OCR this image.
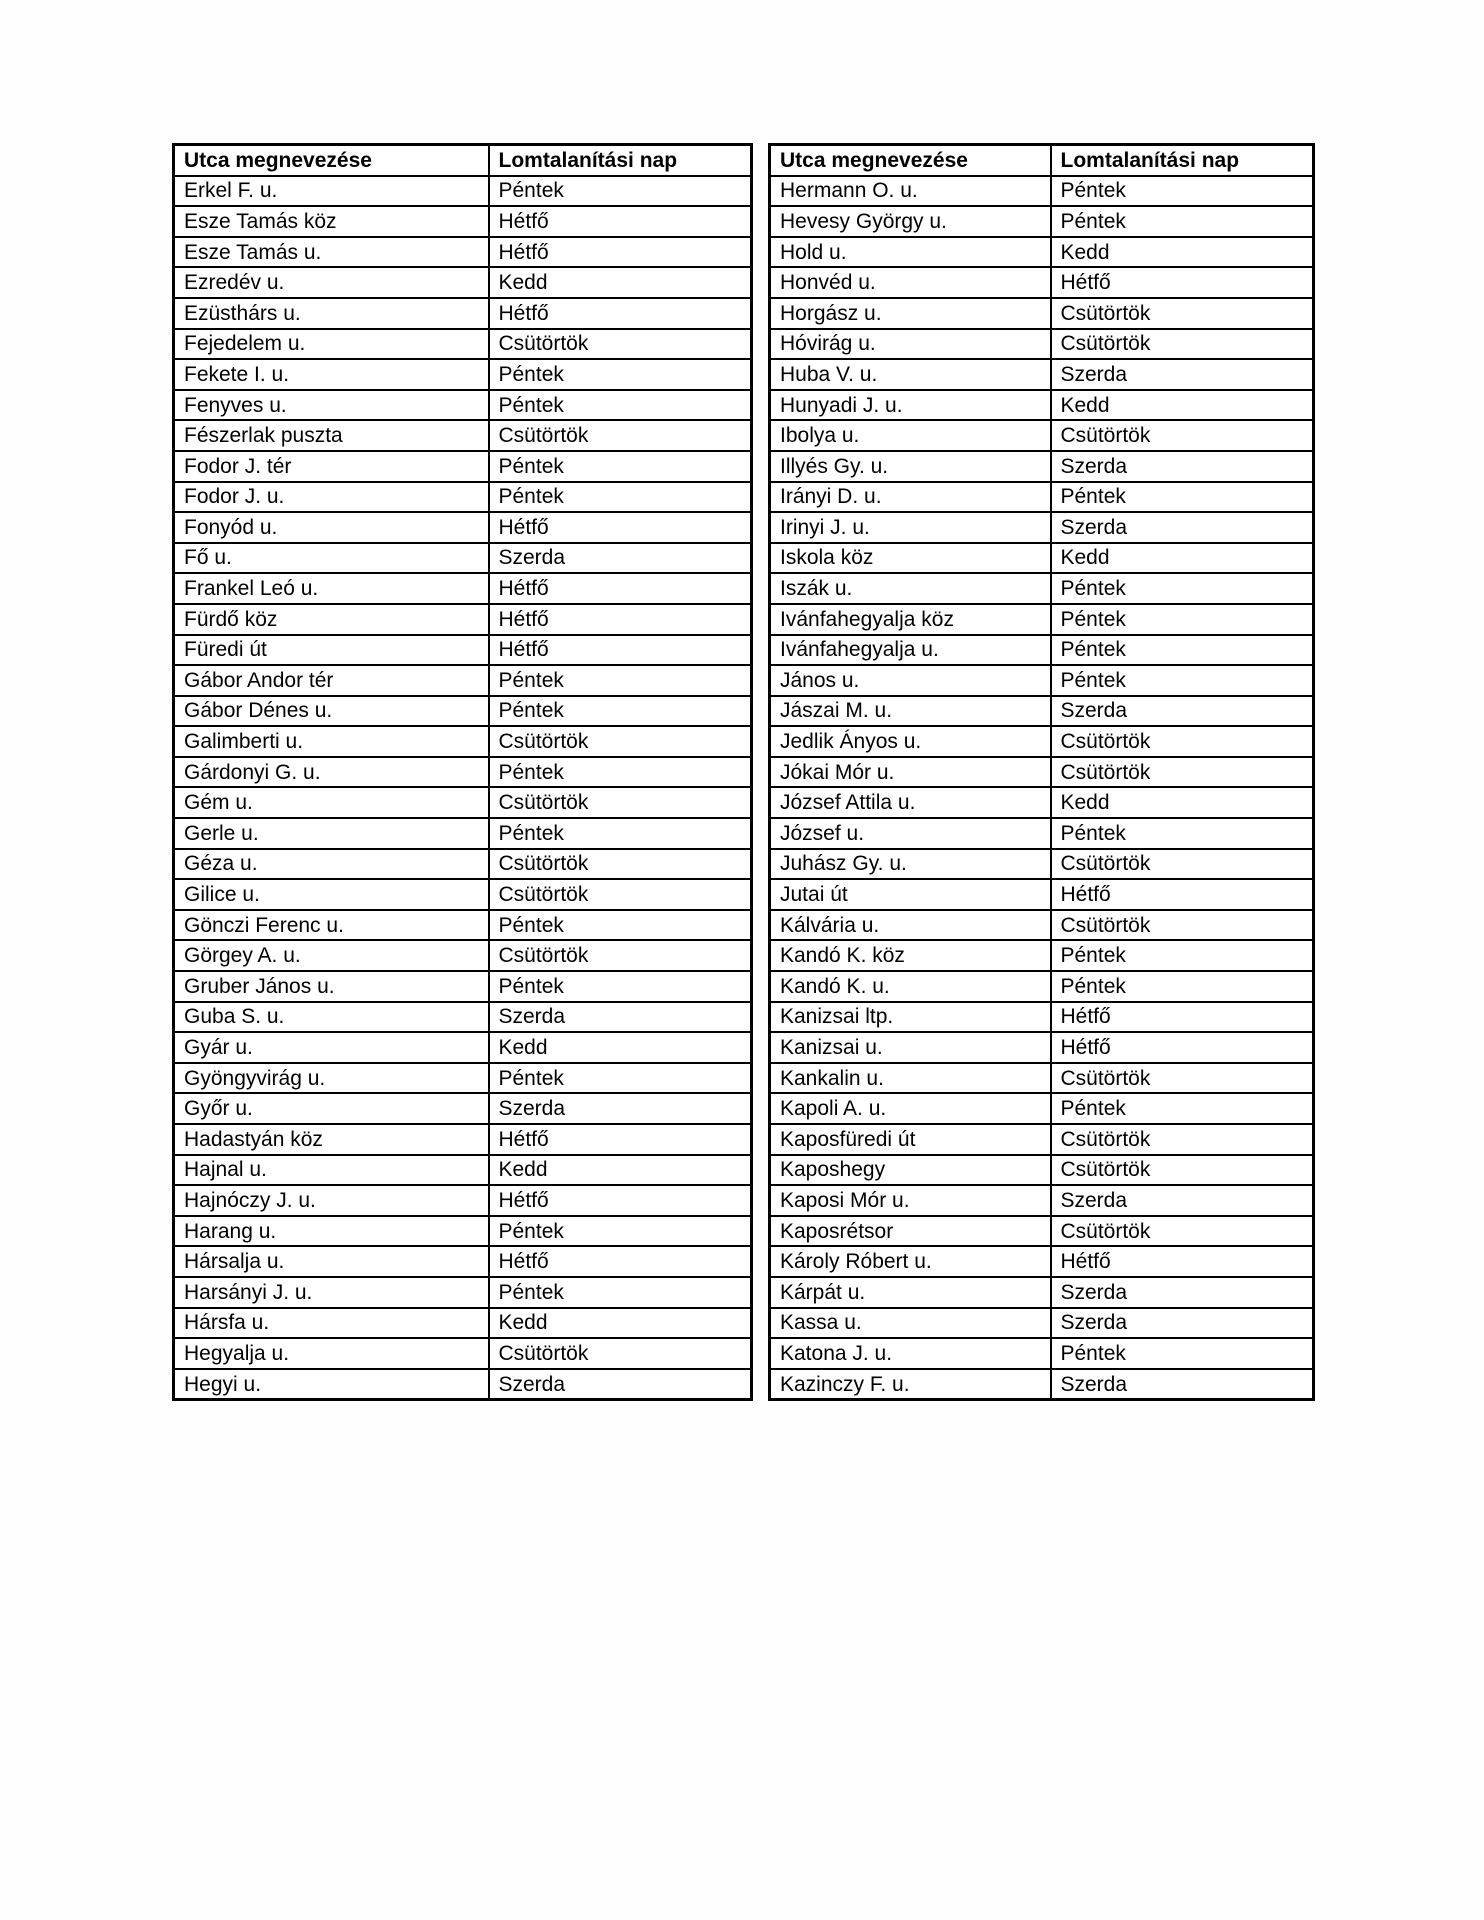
Utca megnevezése	Lomtalanítási nap
Erkel F. u.	Péntek
Esze Tamás köz	Hétfő
Esze Tamás u.	Hétfő
Ezredév u.	Kedd
Ezüsthárs u.	Hétfő
Fejedelem u.	Csütörtök
Fekete I. u.	Péntek
Fenyves u.	Péntek
Fészerlak puszta	Csütörtök
Fodor J. tér	Péntek
Fodor J. u.	Péntek
Fonyód u.	Hétfő
Fő u.	Szerda
Frankel Leó u.	Hétfő
Fürdő köz	Hétfő
Füredi út	Hétfő
Gábor Andor tér	Péntek
Gábor Dénes u.	Péntek
Galimberti u.	Csütörtök
Gárdonyi G. u.	Péntek
Gém u.	Csütörtök
Gerle u.	Péntek
Géza u.	Csütörtök
Gilice u.	Csütörtök
Gönczi Ferenc u.	Péntek
Görgey A. u.	Csütörtök
Gruber János u.	Péntek
Guba S. u.	Szerda
Gyár u.	Kedd
Gyöngyvirág u.	Péntek
Győr u.	Szerda
Hadastyán köz	Hétfő
Hajnal u.	Kedd
Hajnóczy J. u.	Hétfő
Harang u.	Péntek
Hársalja u.	Hétfő
Harsányi J. u.	Péntek
Hársfa u.	Kedd
Hegyalja u.	Csütörtök
Hegyi u.	Szerda
Utca megnevezése	Lomtalanítási nap
Hermann O. u.	Péntek
Hevesy György u.	Péntek
Hold u.	Kedd
Honvéd u.	Hétfő
Horgász u.	Csütörtök
Hóvirág u.	Csütörtök
Huba V. u.	Szerda
Hunyadi J. u.	Kedd
Ibolya u.	Csütörtök
Illyés Gy. u.	Szerda
Irányi D. u.	Péntek
Irinyi J. u.	Szerda
Iskola köz	Kedd
Iszák u.	Péntek
Ivánfahegyalja köz	Péntek
Ivánfahegyalja u.	Péntek
János u.	Péntek
Jászai M. u.	Szerda
Jedlik Ányos u.	Csütörtök
Jókai Mór u.	Csütörtök
József Attila u.	Kedd
József u.	Péntek
Juhász Gy. u.	Csütörtök
Jutai út	Hétfő
Kálvária u.	Csütörtök
Kandó K. köz	Péntek
Kandó K. u.	Péntek
Kanizsai ltp.	Hétfő
Kanizsai u.	Hétfő
Kankalin u.	Csütörtök
Kapoli A. u.	Péntek
Kaposfüredi út	Csütörtök
Kaposhegy	Csütörtök
Kaposi Mór u.	Szerda
Kaposrétsor	Csütörtök
Károly Róbert u.	Hétfő
Kárpát u.	Szerda
Kassa u.	Szerda
Katona J. u.	Péntek
Kazinczy F. u.	Szerda
